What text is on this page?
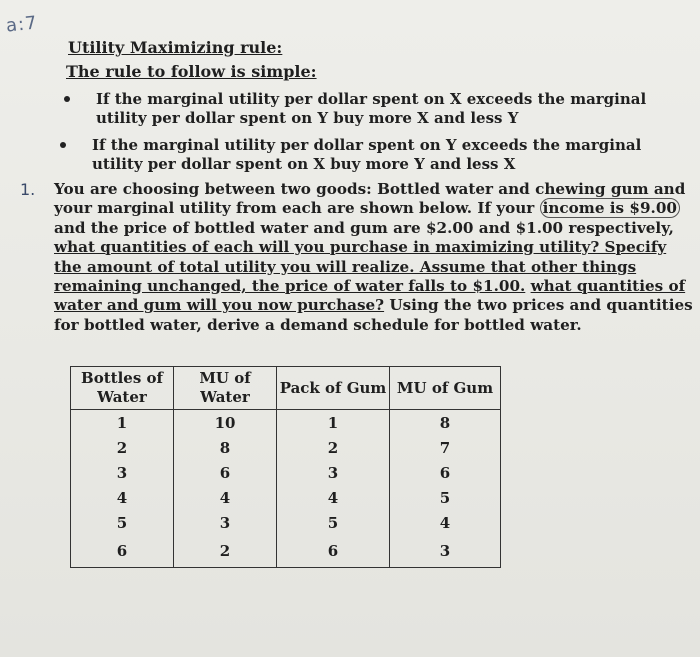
a:7
Utility Maximizing rule:
The rule to follow is simple:
If the marginal utility per dollar spent on X exceeds the marginal utility per dollar spent on Y buy more X and less Y
If the marginal utility per dollar spent on Y exceeds the marginal utility per dollar spent on X buy more Y and less X
1. You are choosing between two goods: Bottled water and chewing gum and your marginal utility from each are shown below. If your income is $9.00 and the price of bottled water and gum are $2.00 and $1.00 respectively, what quantities of each will you purchase in maximizing utility? Specify the amount of total utility you will realize. Assume that other things remaining unchanged, the price of water falls to $1.00. what quantities of water and gum will you now purchase? Using the two prices and quantities for bottled water, derive a demand schedule for bottled water.
Bottles of Water	MU of Water	Pack of Gum	MU of Gum
1	10	1	8
2	8	2	7
3	6	3	6
4	4	4	5
5	3	5	4
6	2	6	3
